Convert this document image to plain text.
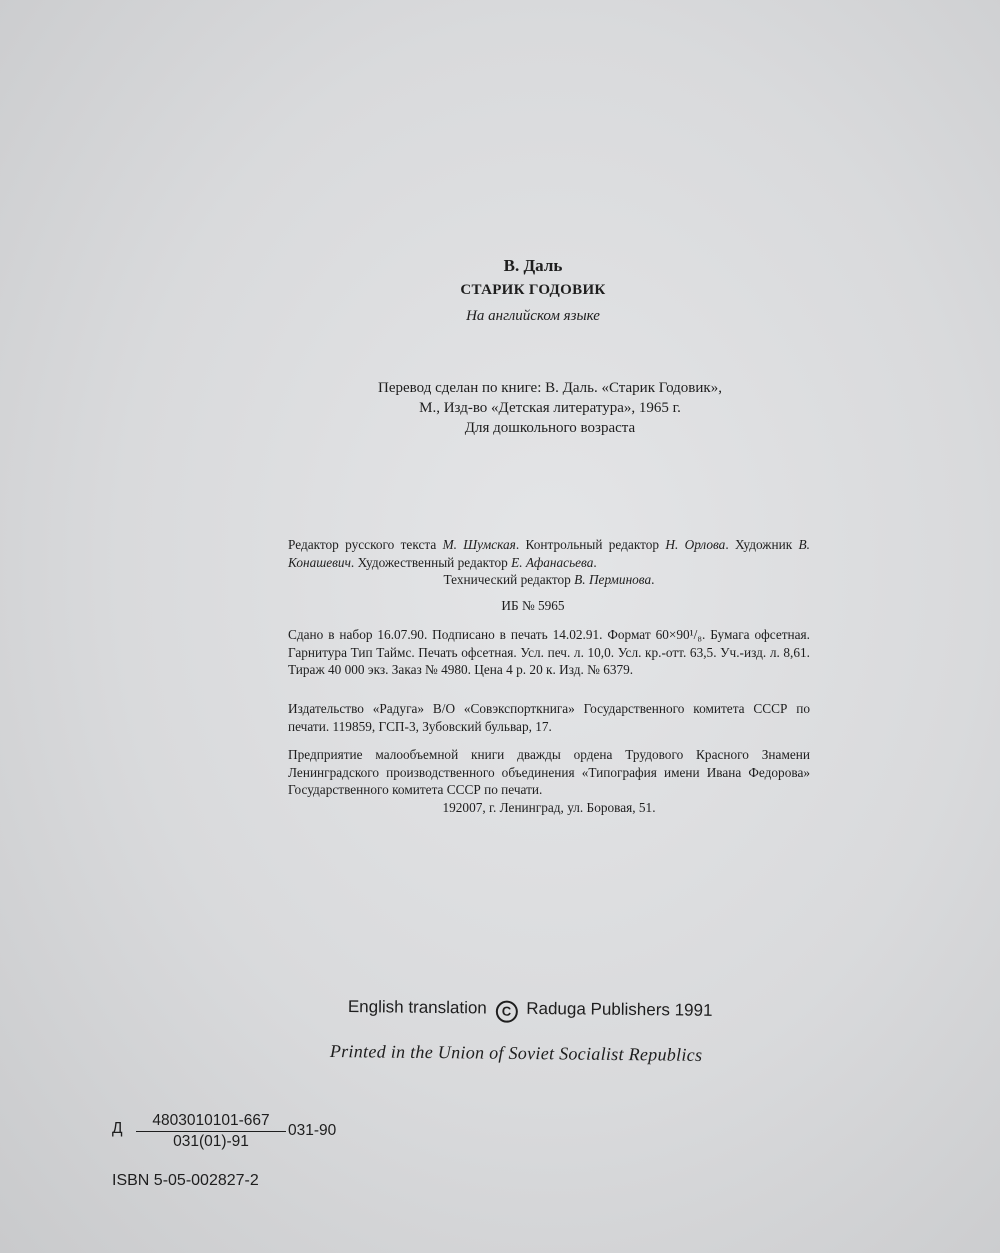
В. Даль
СТАРИК ГОДОВИК
На английском языке
Перевод сделан по книге: В. Даль. «Старик Годовик»,
М., Изд-во «Детская литература», 1965 г.
Для дошкольного возраста
Редактор русского текста М. Шумская. Контрольный редактор Н. Орлова. Художник В. Конашевич. Художественный редактор Е. Афанасьева.
Технический редактор В. Перминова.
ИБ № 5965
Сдано в набор 16.07.90. Подписано в печать 14.02.91. Формат 60×90¹/₈. Бумага офсетная. Гарнитура Тип Таймс. Печать офсетная. Усл. печ. л. 10,0. Усл. кр.-отт. 63,5. Уч.-изд. л. 8,61. Тираж 40 000 экз. Заказ № 4980. Цена 4 р. 20 к. Изд. № 6379.
Издательство «Радуга» В/О «Совэкспорткнига» Государственного комитета СССР по печати. 119859, ГСП-3, Зубовский бульвар, 17.
Предприятие малообъемной книги дважды ордена Трудового Красного Знамени Ленинградского производственного объединения «Типография имени Ивана Федорова» Государственного комитета СССР по печати.
192007, г. Ленинград, ул. Боровая, 51.
English translation C Raduga Publishers 1991
Printed in the Union of Soviet Socialist Republics
Д $\frac{4803010101-667}{031(01)-91} 031-90$
ISBN 5-05-002827-2
